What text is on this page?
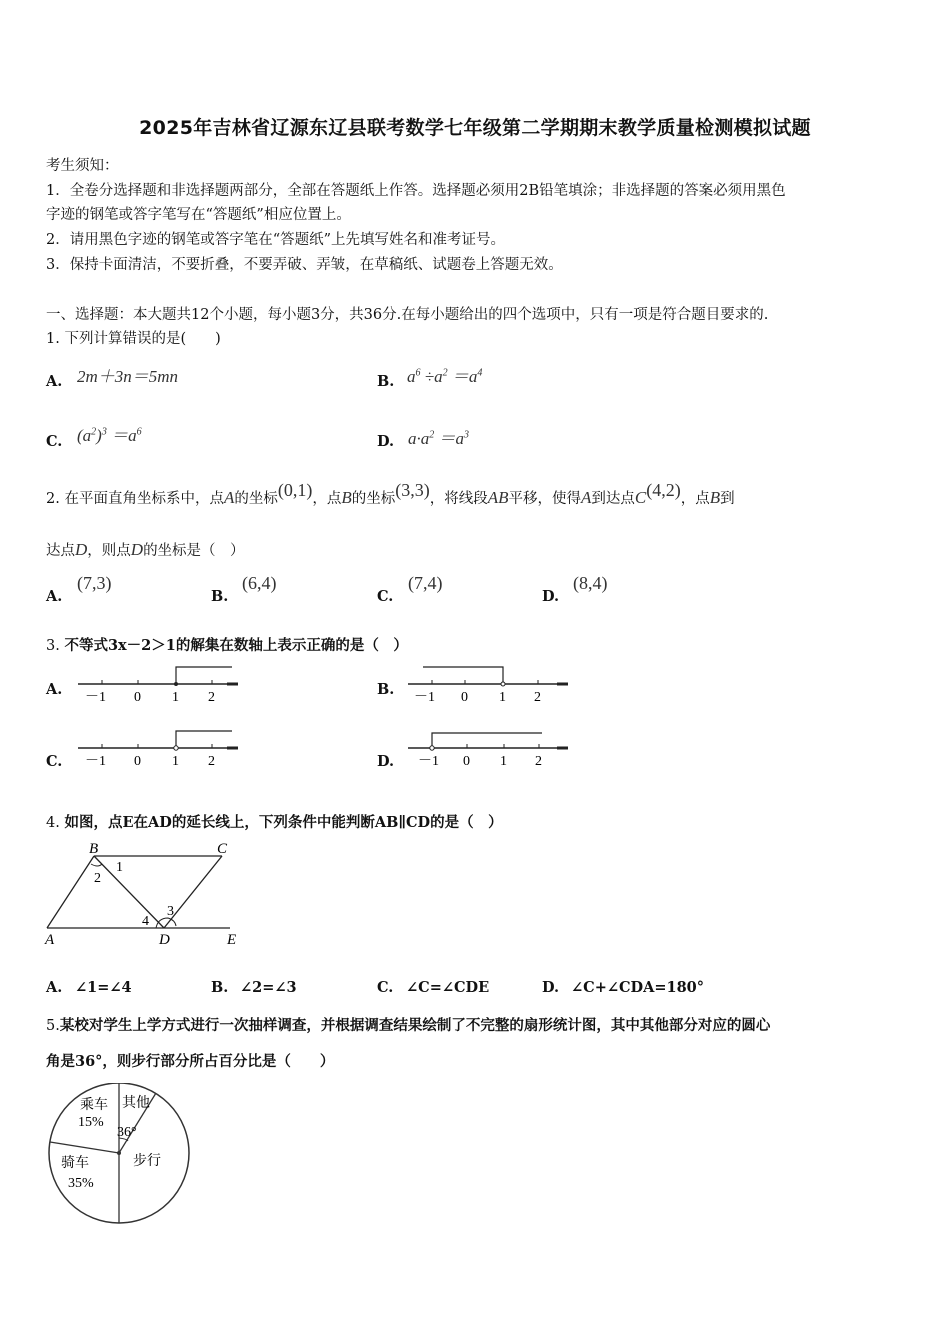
2025年吉林省辽源东辽县联考数学七年级第二学期期末教学质量检测模拟试题
考生须知：
1．全卷分选择题和非选择题两部分，全部在答题纸上作答。选择题必须用2B铅笔填涂；非选择题的答案必须用黑色
字迹的钢笔或答字笔写在“答题纸”相应位置上。
2．请用黑色字迹的钢笔或答字笔在“答题纸”上先填写姓名和准考证号。
3．保持卡面清洁，不要折叠，不要弄破、弄皱，在草稿纸、试题卷上答题无效。
一、选择题：本大题共12个小题，每小题3分，共36分.在每小题给出的四个选项中，只有一项是符合题目要求的.
1. 下列计算错误的是(　　)
A. 2m＋3n＝5mn	B. $a^6 \div a^2 =a^4$
C. $(a^2)^3 =a^6$
D. $a\cdot a^2 =a^3$
2. 在平面直角坐标系中，点A的坐标(0,1)，点B的坐标(3,3)，将线段AB平移，使得A到达点C(4,2)，点B到
达点D，则点D的坐标是（　）
A.
(7,3)
B.
(6,4)
C.
(7,4)
D.
(8,4)
3. 不等式3x－2＞1的解集在数轴上表示正确的是（　）
A.	B.
C.	D.
－1 0 1 2	－1 0 1 2
－1 0 1 2	－1 0 1 2
4. 如图，点E在AD的延长线上，下列条件中能判断AB∥CD的是（　）
B	C
A	D	E
1
2
3
4
A. ∠1=∠4	B. ∠2=∠3	C. ∠C=∠CDE	D. ∠C+∠CDA=180°
5.某校对学生上学方式进行一次抽样调查，并根据调查结果绘制了不完整的扇形统计图，其中其他部分对应的圆心
角是36°，则步行部分所占百分比是（　　）
乘车
15%
其他
36°
步行
骑车
35%
